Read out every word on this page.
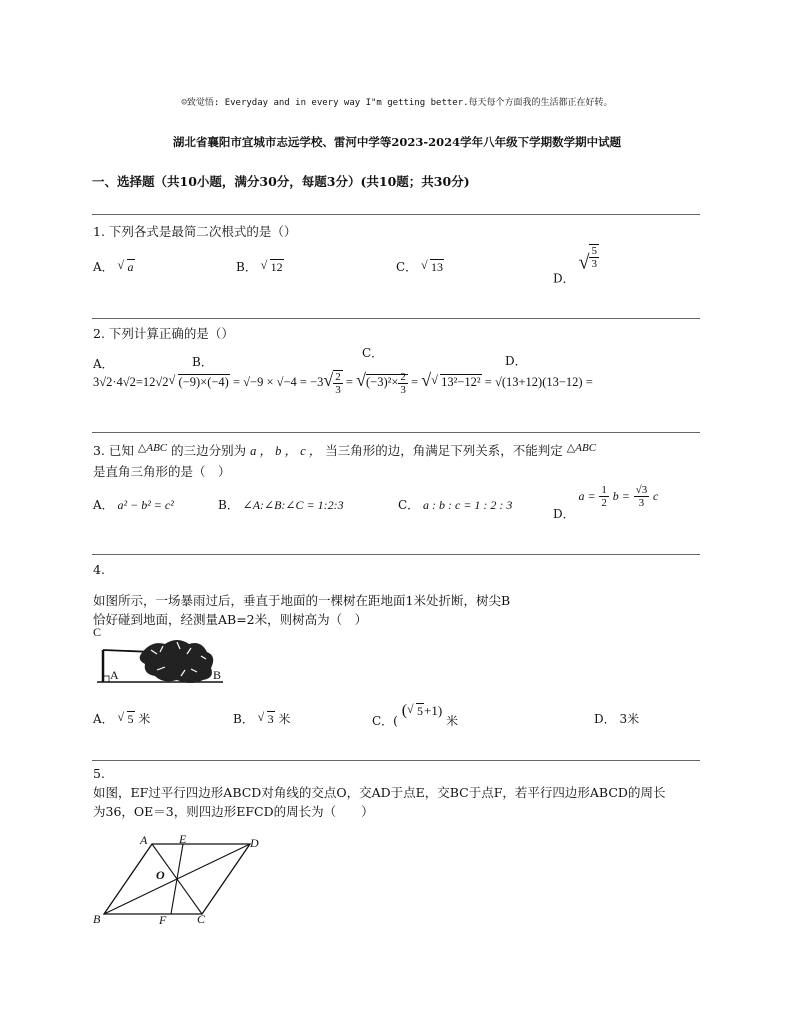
☺致觉悟: Everyday and in every way I"m getting better.每天每个方面我的生活都正在好转。
湖北省襄阳市宜城市志远学校、雷河中学等2023-2024学年八年级下学期数学期中试题
一、选择题（共10小题，满分30分，每题3分）(共10题；共30分)
1. 下列各式是最简二次根式的是（）
A． √ a	B． √ 12	C． √ 13
D． √ $\frac{5}{3}$
2. 下列计算正确的是（）
A．	B．
C．
D．
3√2·4√2=12√2 √ $(-9)\times(-4) = √-9 \times √-4 = -3√ \frac{2}{3} = √(-3)^2\times \frac{2}{3}$ = √ √ 13²−12² = √(13+12)(13−12) =
3. 已知 △ABC 的三边分别为 a ， b ， c ， 当三角形的边，角满足下列关系，不能判定 △ABC
是直角三角形的是（　）
A． a² − b² = c²	B． ∠A:∠B:∠C = 1:2:3	C． a : b : c = 1 : 2 : 3
D． $a = \frac{1}{2}$ $b = \frac{√3}{3}$ c
4.
如图所示，一场暴雨过后，垂直于地面的一棵树在距地面1米处折断，树尖B
恰好碰到地面，经测量AB=2米，则树高为（　）
C
A	B
A． √ 5 米	B． √ 3 米	C．( ( √ 5+1) 米	D． 3米
5.
如图，EF过平行四边形ABCD对角线的交点O，交AD于点E，交BC于点F，若平行四边形ABCD的周长
为36，OE＝3，则四边形EFCD的周长为（　　）
A	E	D
O
B	F	C
